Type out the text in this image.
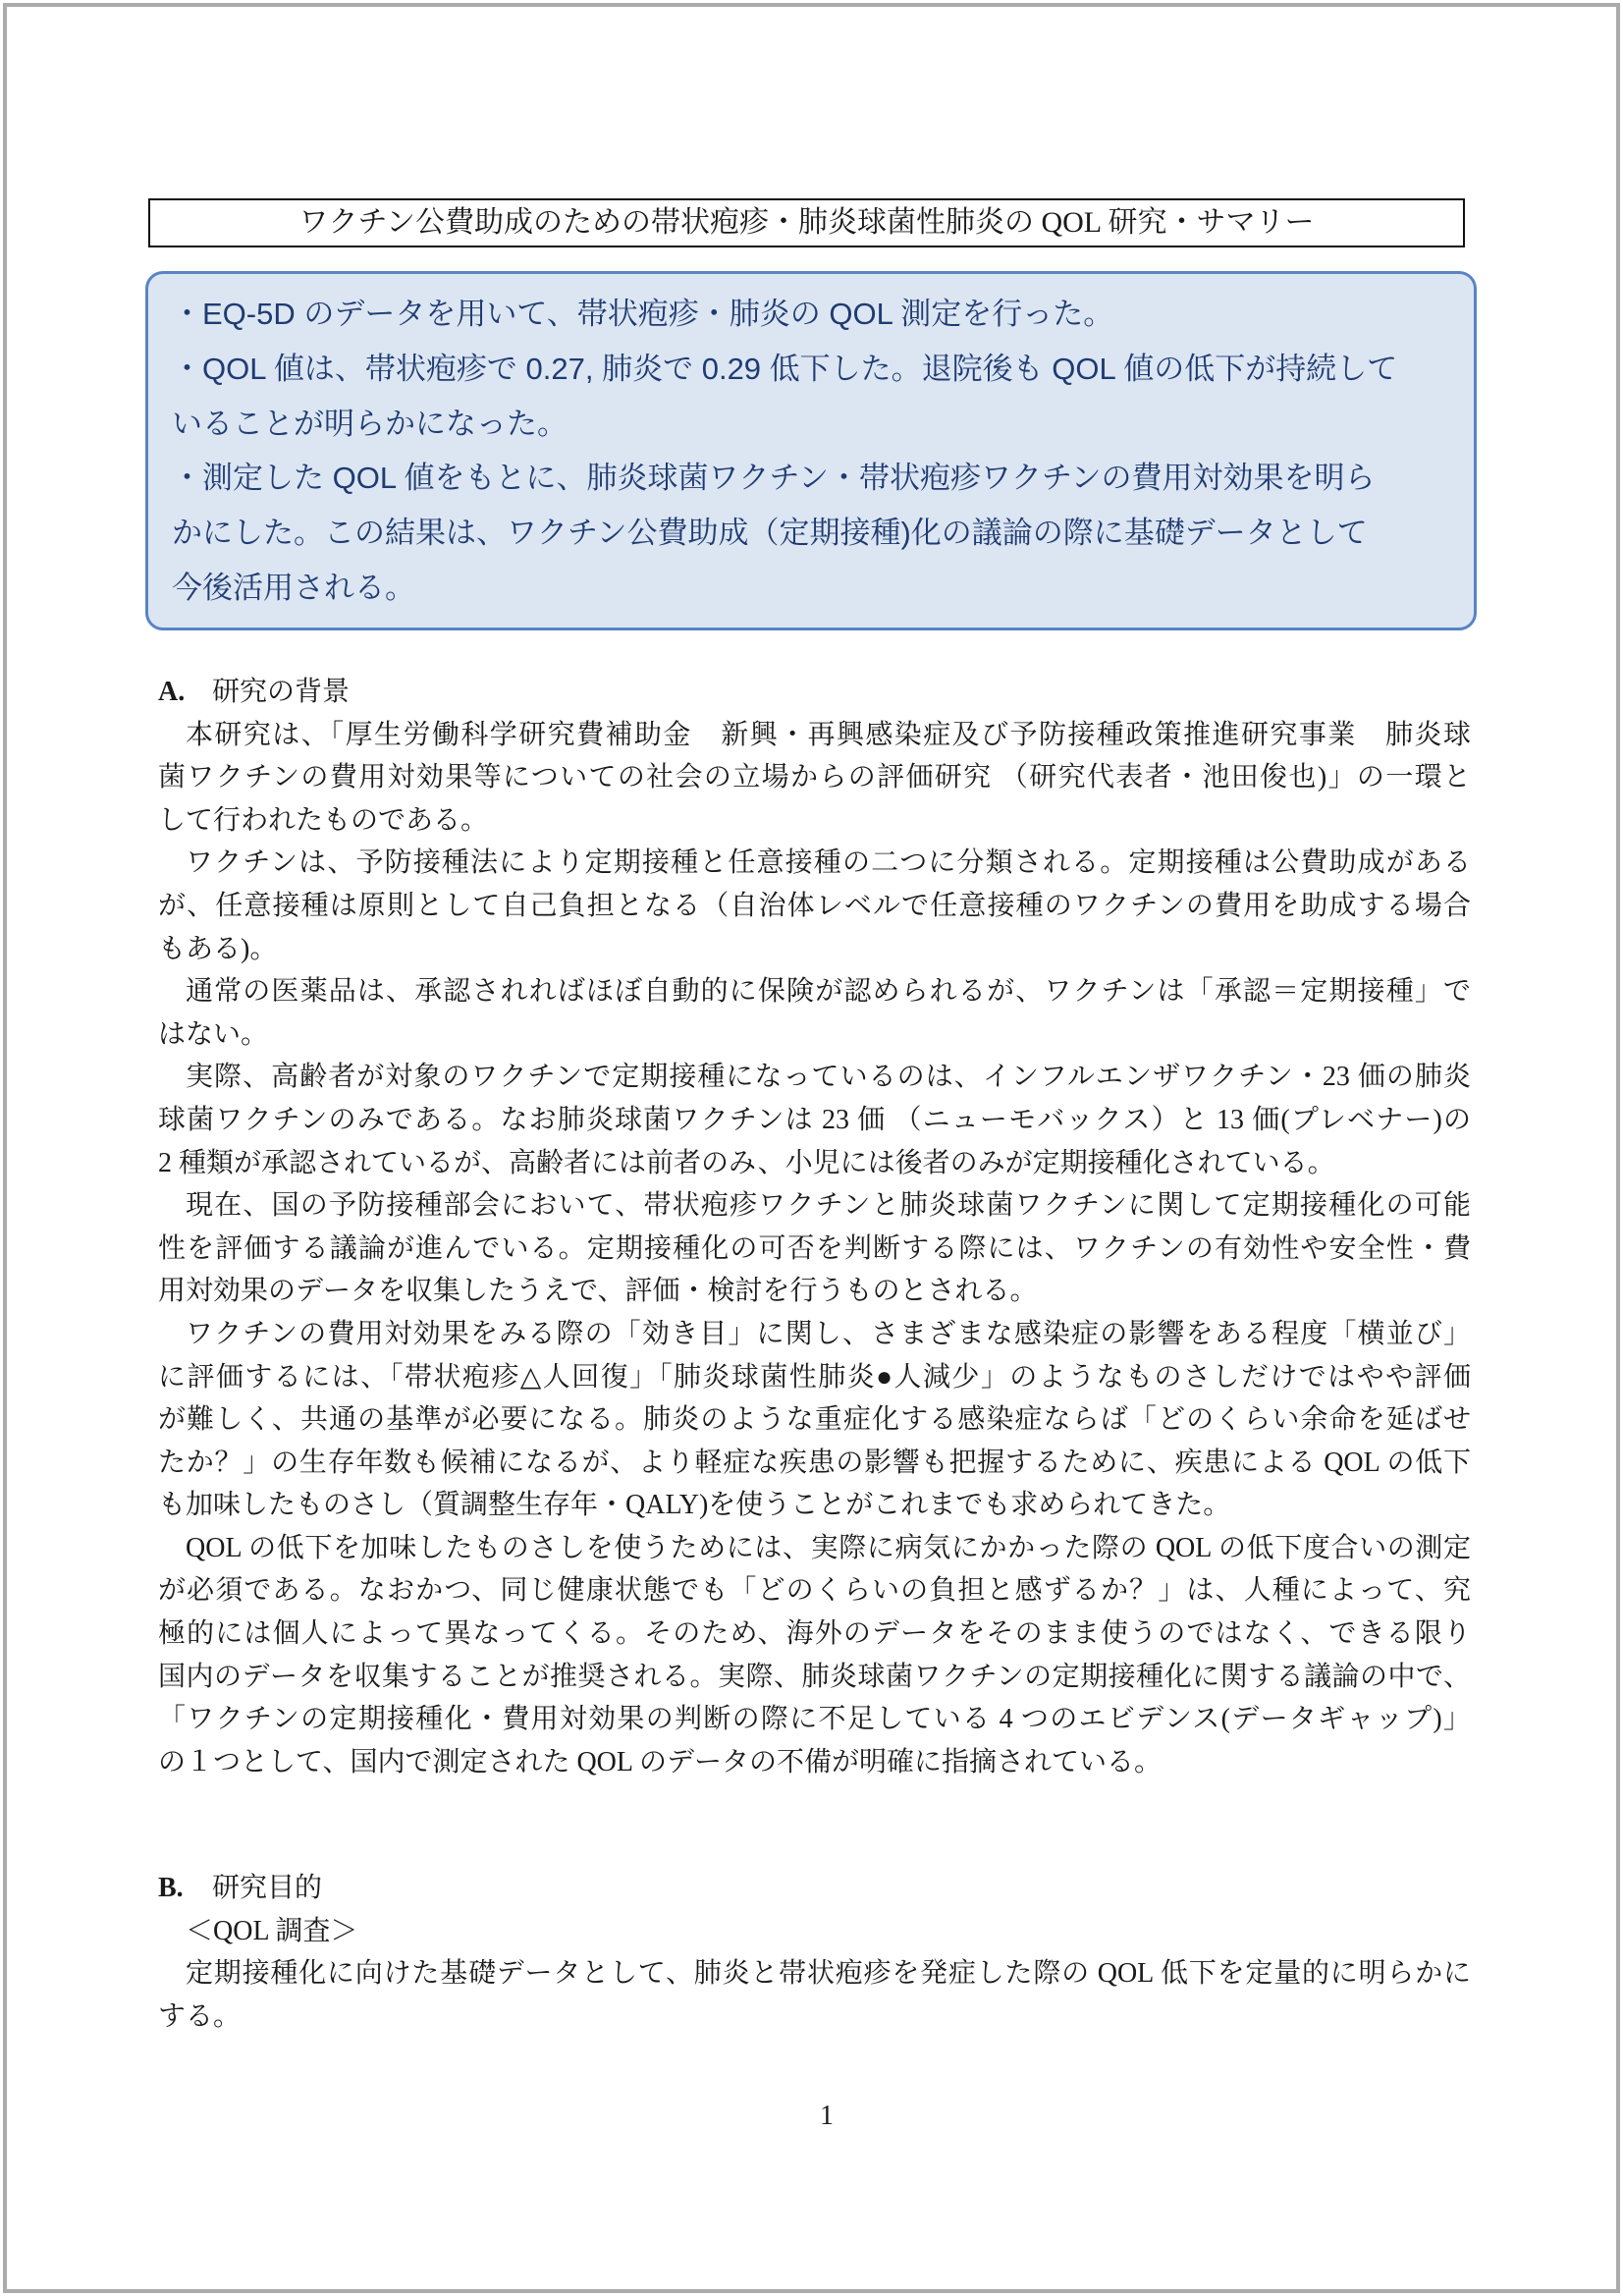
ワクチン公費助成のための帯状疱疹・肺炎球菌性肺炎の QOL 研究・サマリー
・EQ-5D のデータを用いて、帯状疱疹・肺炎の QOL 測定を行った。
・QOL 値は、帯状疱疹で 0.27, 肺炎で 0.29 低下した。退院後も QOL 値の低下が持続して
いることが明らかになった。
・測定した QOL 値をもとに、肺炎球菌ワクチン・帯状疱疹ワクチンの費用対効果を明ら
かにした。この結果は、ワクチン公費助成（定期接種)化の議論の際に基礎データとして
今後活用される。
A. 研究の背景
本研究は、「厚生労働科学研究費補助金　新興・再興感染症及び予防接種政策推進研究事業　肺炎球
菌ワクチンの費用対効果等についての社会の立場からの評価研究 （研究代表者・池田俊也)」の一環と
して行われたものである。
ワクチンは、予防接種法により定期接種と任意接種の二つに分類される。定期接種は公費助成がある
が、任意接種は原則として自己負担となる（自治体レベルで任意接種のワクチンの費用を助成する場合
もある)。
通常の医薬品は、承認されればほぼ自動的に保険が認められるが、ワクチンは「承認＝定期接種」で
はない。
実際、高齢者が対象のワクチンで定期接種になっているのは、インフルエンザワクチン・23 価の肺炎
球菌ワクチンのみである。なお肺炎球菌ワクチンは 23 価 （ニューモバックス）と 13 価(プレベナー)の
2 種類が承認されているが、高齢者には前者のみ、小児には後者のみが定期接種化されている。
現在、国の予防接種部会において、帯状疱疹ワクチンと肺炎球菌ワクチンに関して定期接種化の可能
性を評価する議論が進んでいる。定期接種化の可否を判断する際には、ワクチンの有効性や安全性・費
用対効果のデータを収集したうえで、評価・検討を行うものとされる。
ワクチンの費用対効果をみる際の「効き目」に関し、さまざまな感染症の影響をある程度「横並び」
に評価するには、「帯状疱疹△人回復」「肺炎球菌性肺炎●人減少」のようなものさしだけではやや評価
が難しく、共通の基準が必要になる。肺炎のような重症化する感染症ならば「どのくらい余命を延ばせ
たか？」の生存年数も候補になるが、より軽症な疾患の影響も把握するために、疾患による QOL の低下
も加味したものさし（質調整生存年・QALY)を使うことがこれまでも求められてきた。
QOL の低下を加味したものさしを使うためには、実際に病気にかかった際の QOL の低下度合いの測定
が必須である。なおかつ、同じ健康状態でも「どのくらいの負担と感ずるか？」は、人種によって、究
極的には個人によって異なってくる。そのため、海外のデータをそのまま使うのではなく、できる限り
国内のデータを収集することが推奨される。実際、肺炎球菌ワクチンの定期接種化に関する議論の中で、
「ワクチンの定期接種化・費用対効果の判断の際に不足している 4 つのエビデンス(データギャップ)」
の１つとして、国内で測定された QOL のデータの不備が明確に指摘されている。
B. 研究目的
＜QOL 調査＞
定期接種化に向けた基礎データとして、肺炎と帯状疱疹を発症した際の QOL 低下を定量的に明らかに
する。
1
